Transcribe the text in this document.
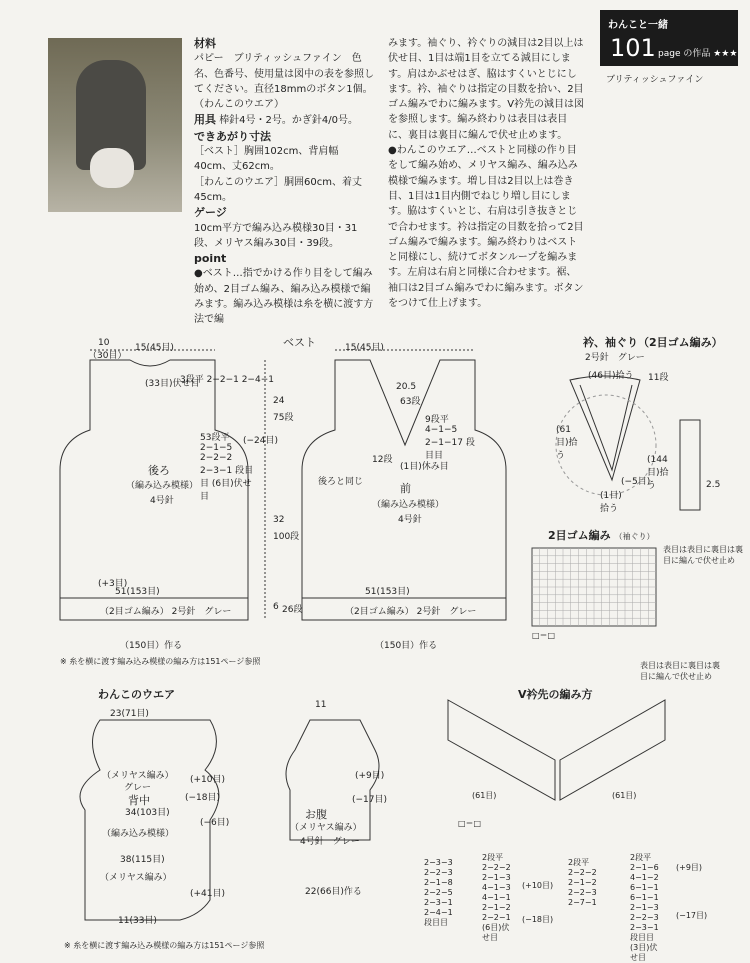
わんこと一緒
101 page の作品 ★★★
ブリティッシュファイン
材料
パピー　ブリティッシュファイン　色名、色番号、使用量は図中の表を参照してください。直径18mmのボタン1個。（わんこのウエア）
用具 棒針4号・2号。かぎ針4/0号。
できあがり寸法
［ベスト］胸囲102cm、背肩幅40cm、丈62cm。
［わんこのウエア］胴囲60cm、着丈45cm。
ゲージ
10cm平方で編み込み模様30目・31段、メリヤス編み30目・39段。
point
●ベスト…指でかける作り目をして編み始め、2目ゴム編み、編み込み模様で編みます。編み込み模様は糸を横に渡す方法で編
みます。袖ぐり、衿ぐりの減目は2目以上は伏せ目、1目は端1目を立てる減目にします。肩はかぶせはぎ、脇はすくいとじにします。衿、袖ぐりは指定の目数を拾い、2目ゴム編みでわに編みます。V衿先の減目は図を参照します。編み終わりは表目は表目に、裏目は裏目に編んで伏せ止めます。
●わんこのウエア…ベストと同様の作り目をして編み始め、メリヤス編み、編み込み模様で編みます。増し目は2目以上は巻き目、1目は1目内側でねじり増し目にします。脇はすくいとじ、右肩は引き抜きとじで合わせます。衿は指定の目数を拾って2目ゴム編みで編みます。編み終わりはベストと同様にし、続けてボタンループを編みます。左肩は右肩と同様に合わせます。裾、袖口は2目ゴム編みでわに編みます。ボタンをつけて仕上げます。
ベスト
後ろ
（編み込み模様）
4号針
前
（編み込み模様）
4号針
（2目ゴム編み） 2号針　グレー	（2目ゴム編み） 2号針　グレー
51(153目)	51(153目)
（150目）作る	（150目）作る
10
（30目）
15(45目)	15(45目)
(33目)伏せ目
3段平 2−2−1 2−4−1
53段平 2−1−5 2−2−2 2−3−1 段目目 (6目)伏せ目
24
75段
32
100段
6 26段
(−24目)
(+3目)
20.5
63段
9段平 4−1−5 2−1−17 段目目
(1目)休み目
12段
後ろと同じ
※ 糸を横に渡す編み込み模様の編み方は151ページ参照
衿、袖ぐり（2目ゴム編み）
2号針　グレー
(46目)拾う
(61目)拾う
(1目)拾う
(144目)拾う	2.5
11段
(−5目)
2目ゴム編み （袖ぐり）
表目は表目に裏目は裏目に編んで伏せ止め
□＝□
V衿先の編み方
表目は表目に裏目は裏目に編んで伏せ止め
(61目)	(61目)
□＝□
わんこのウエア
23(71目)
（メリヤス編み）
グレー
背中
34(103目)
（編み込み模様）
38(115目)
（メリヤス編み）
11(33目)
(+10目)
(−18目)
(−6目)
(+41目)
お腹
（メリヤス編み）
4号針　グレー
22(66目)作る
11
(+9目)
(−17目)
※ 糸を横に渡す編み込み模様の編み方は151ページ参照
2−3−3 2−2−3 2−1−8 2−2−5 2−3−1 2−4−1 段目目
2段平 2−2−2 2−1−3 4−1−3 4−1−1 2−1−2 2−2−1 (6目)伏せ目
2段平 2−2−2 2−1−2 2−2−3 2−7−1
2段平 2−1−6 4−1−2 6−1−1 6−1−1 2−1−3 2−2−3 2−3−1 段目目 (3目)伏せ目
(+10目)
(−18目)
(+9目)
(−17目)
